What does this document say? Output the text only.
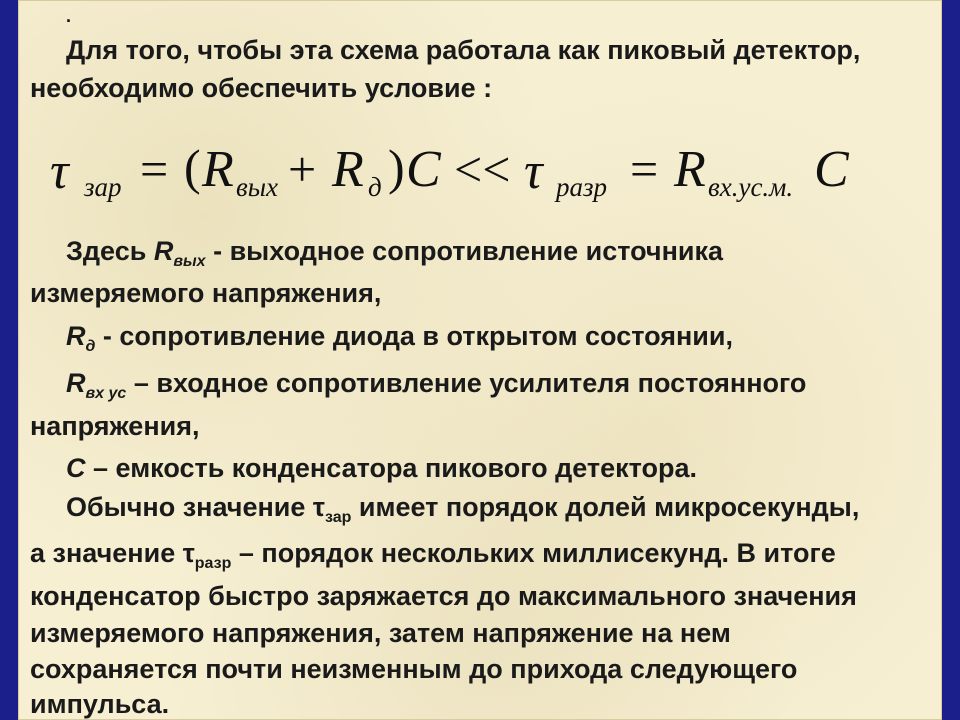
.
Для того, чтобы эта схема работала как пиковый детектор,
необходимо обеспечить условие :
τ зар = ( R вых + R д ) C << τ разр = R вх.ус.м. C
Здесь $R_{вых}$ - выходное сопротивление источника
измеряемого напряжения,
$R_д$ - сопротивление диода в открытом состоянии,
$R_{вх ус}$ – входное сопротивление усилителя постоянного
напряжения,
C – емкость конденсатора пикового детектора.
Обычно значение $\tau_{зар}$ имеет порядок долей микросекунды,
а значение $\tau_{разр}$ – порядок нескольких миллисекунд. В итоге
конденсатор быстро заряжается до максимального значения
измеряемого напряжения, затем напряжение на нем
сохраняется почти неизменным до прихода следующего
импульса.
